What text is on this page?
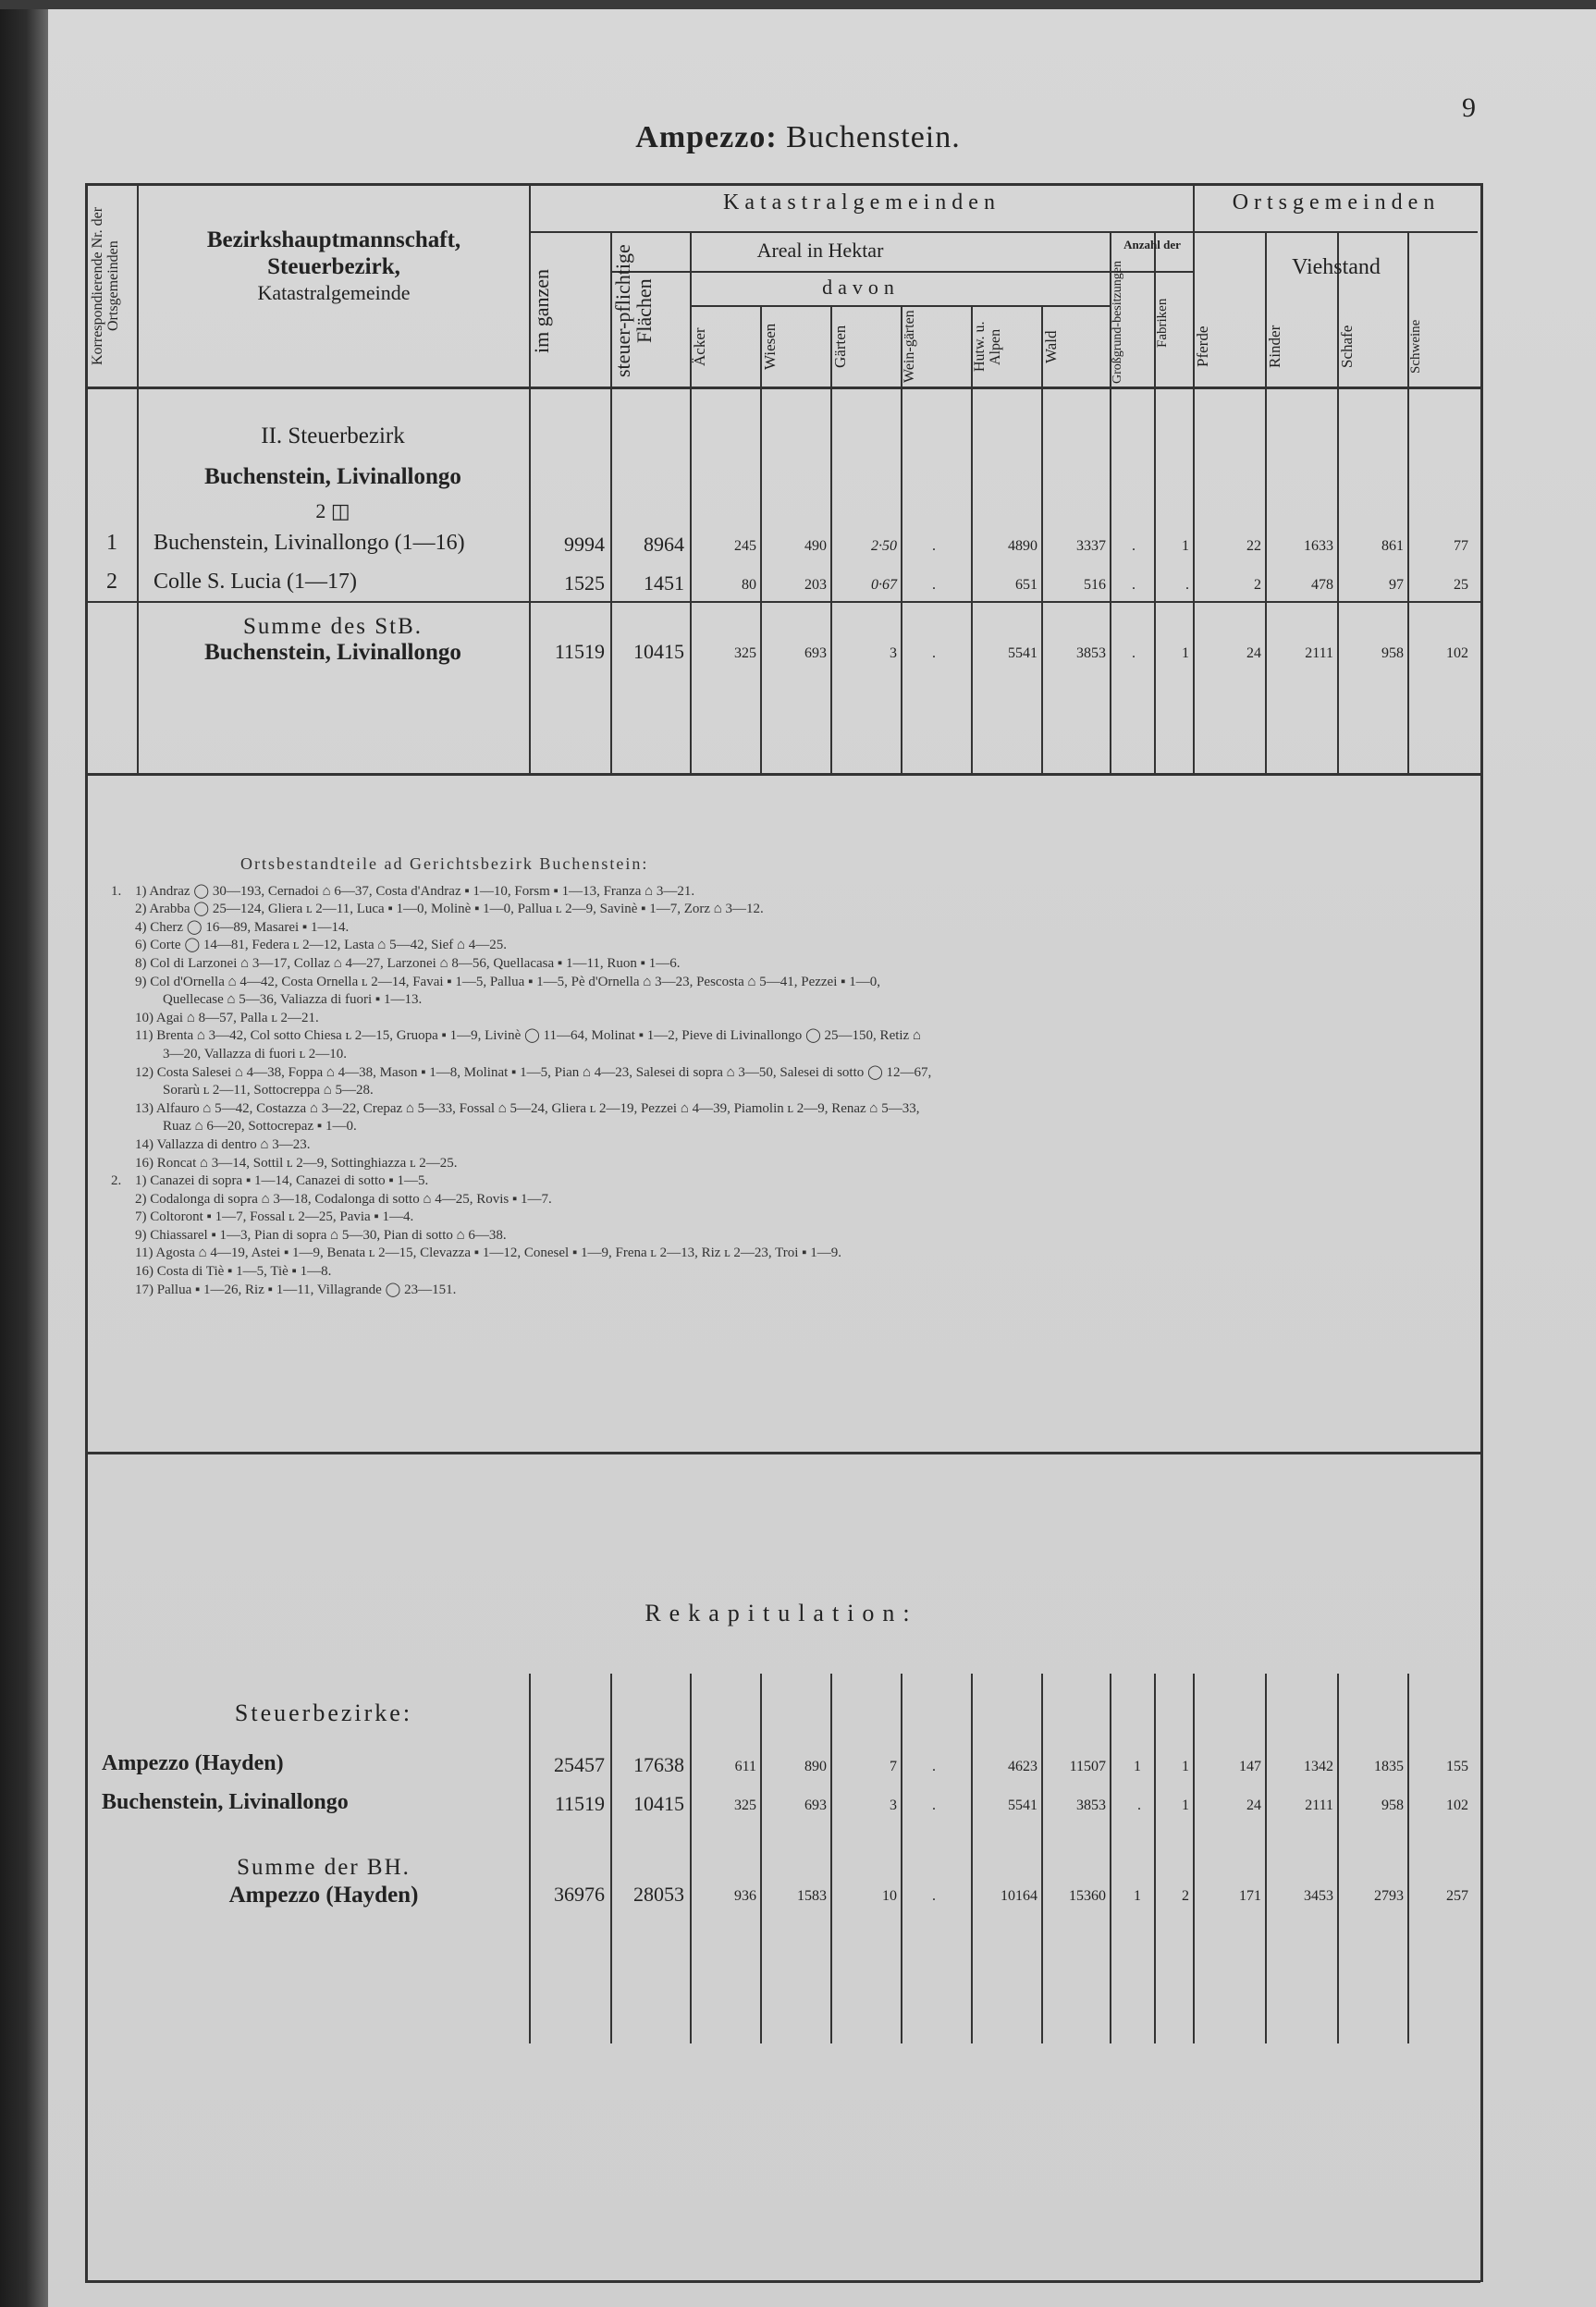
Ampezzo: Buchenstein.
9
Korrespondierende Nr. der Ortsgemeinden
Bezirkshauptmannschaft,
Steuerbezirk,
Katastralgemeinde
Katastralgemeinden
Areal in Hektar
davon
Anzahl der
Ortsgemeinden
Viehstand
im ganzen	steuer-pflichtige Flächen
Äcker	Wiesen	Gärten	Wein-gärten	Hutw. u. Alpen	Wald	Großgrund-besitzungen	Fabriken	Pferde	Rinder	Schafe	Schweine
II. Steuerbezirk
Buchenstein, Livinallongo
2 ◫
1	Buchenstein, Livinallongo (1—16)	9994	8964	245	490	2·50	.	4890	3337	.	1	22	1633	861	77
2	Colle S. Lucia (1—17)	1525	1451	80	203	0·67	.	651	516	.	.	2	478	97	25
Summe des StB.
Buchenstein, Livinallongo	11519	10415	325	693	3	.	5541	3853	.	1	24	2111	958	102
Ortsbestandteile ad Gerichtsbezirk Buchenstein:
1. 1) Andraz ◯ 30—193, Cernadoi ⌂ 6—37, Costa d'Andraz ▪ 1—10, Forsm ▪ 1—13, Franza ⌂ 3—21.
2) Arabba ◯ 25—124, Gliera ʟ 2—11, Luca ▪ 1—0, Molinè ▪ 1—0, Pallua ʟ 2—9, Savinè ▪ 1—7, Zorz ⌂ 3—12.
4) Cherz ◯ 16—89, Masarei ▪ 1—14.
6) Corte ◯ 14—81, Federa ʟ 2—12, Lasta ⌂ 5—42, Sief ⌂ 4—25.
8) Col di Larzonei ⌂ 3—17, Collaz ⌂ 4—27, Larzonei ⌂ 8—56, Quellacasa ▪ 1—11, Ruon ▪ 1—6.
9) Col d'Ornella ⌂ 4—42, Costa Ornella ʟ 2—14, Favai ▪ 1—5, Pallua ▪ 1—5, Pè d'Ornella ⌂ 3—23, Pescosta ⌂ 5—41, Pezzei ▪ 1—0,
Quellecase ⌂ 5—36, Valiazza di fuori ▪ 1—13.
10) Agai ⌂ 8—57, Palla ʟ 2—21.
11) Brenta ⌂ 3—42, Col sotto Chiesa ʟ 2—15, Gruopa ▪ 1—9, Livinè ◯ 11—64, Molinat ▪ 1—2, Pieve di Livinallongo ◯ 25—150, Retiz ⌂
3—20, Vallazza di fuori ʟ 2—10.
12) Costa Salesei ⌂ 4—38, Foppa ⌂ 4—38, Mason ▪ 1—8, Molinat ▪ 1—5, Pian ⌂ 4—23, Salesei di sopra ⌂ 3—50, Salesei di sotto ◯ 12—67,
Sorarù ʟ 2—11, Sottocreppa ⌂ 5—28.
13) Alfauro ⌂ 5—42, Costazza ⌂ 3—22, Crepaz ⌂ 5—33, Fossal ⌂ 5—24, Gliera ʟ 2—19, Pezzei ⌂ 4—39, Piamolin ʟ 2—9, Renaz ⌂ 5—33,
Ruaz ⌂ 6—20, Sottocrepaz ▪ 1—0.
14) Vallazza di dentro ⌂ 3—23.
16) Roncat ⌂ 3—14, Sottil ʟ 2—9, Sottinghiazza ʟ 2—25.
2. 1) Canazei di sopra ▪ 1—14, Canazei di sotto ▪ 1—5.
2) Codalonga di sopra ⌂ 3—18, Codalonga di sotto ⌂ 4—25, Rovis ▪ 1—7.
7) Coltoront ▪ 1—7, Fossal ʟ 2—25, Pavia ▪ 1—4.
9) Chiassarel ▪ 1—3, Pian di sopra ⌂ 5—30, Pian di sotto ⌂ 6—38.
11) Agosta ⌂ 4—19, Astei ▪ 1—9, Benata ʟ 2—15, Clevazza ▪ 1—12, Conesel ▪ 1—9, Frena ʟ 2—13, Riz ʟ 2—23, Troi ▪ 1—9.
16) Costa di Tiè ▪ 1—5, Tiè ▪ 1—8.
17) Pallua ▪ 1—26, Riz ▪ 1—11, Villagrande ◯ 23—151.
Rekapitulation:
Steuerbezirke:
Ampezzo (Hayden)	25457	17638	611	890	7	.	4623	11507	1	1	147	1342	1835	155
Buchenstein, Livinallongo	11519	10415	325	693	3	.	5541	3853	.	1	24	2111	958	102
Summe der BH.
Ampezzo (Hayden)	36976	28053	936	1583	10	.	10164	15360	1	2	171	3453	2793	257
